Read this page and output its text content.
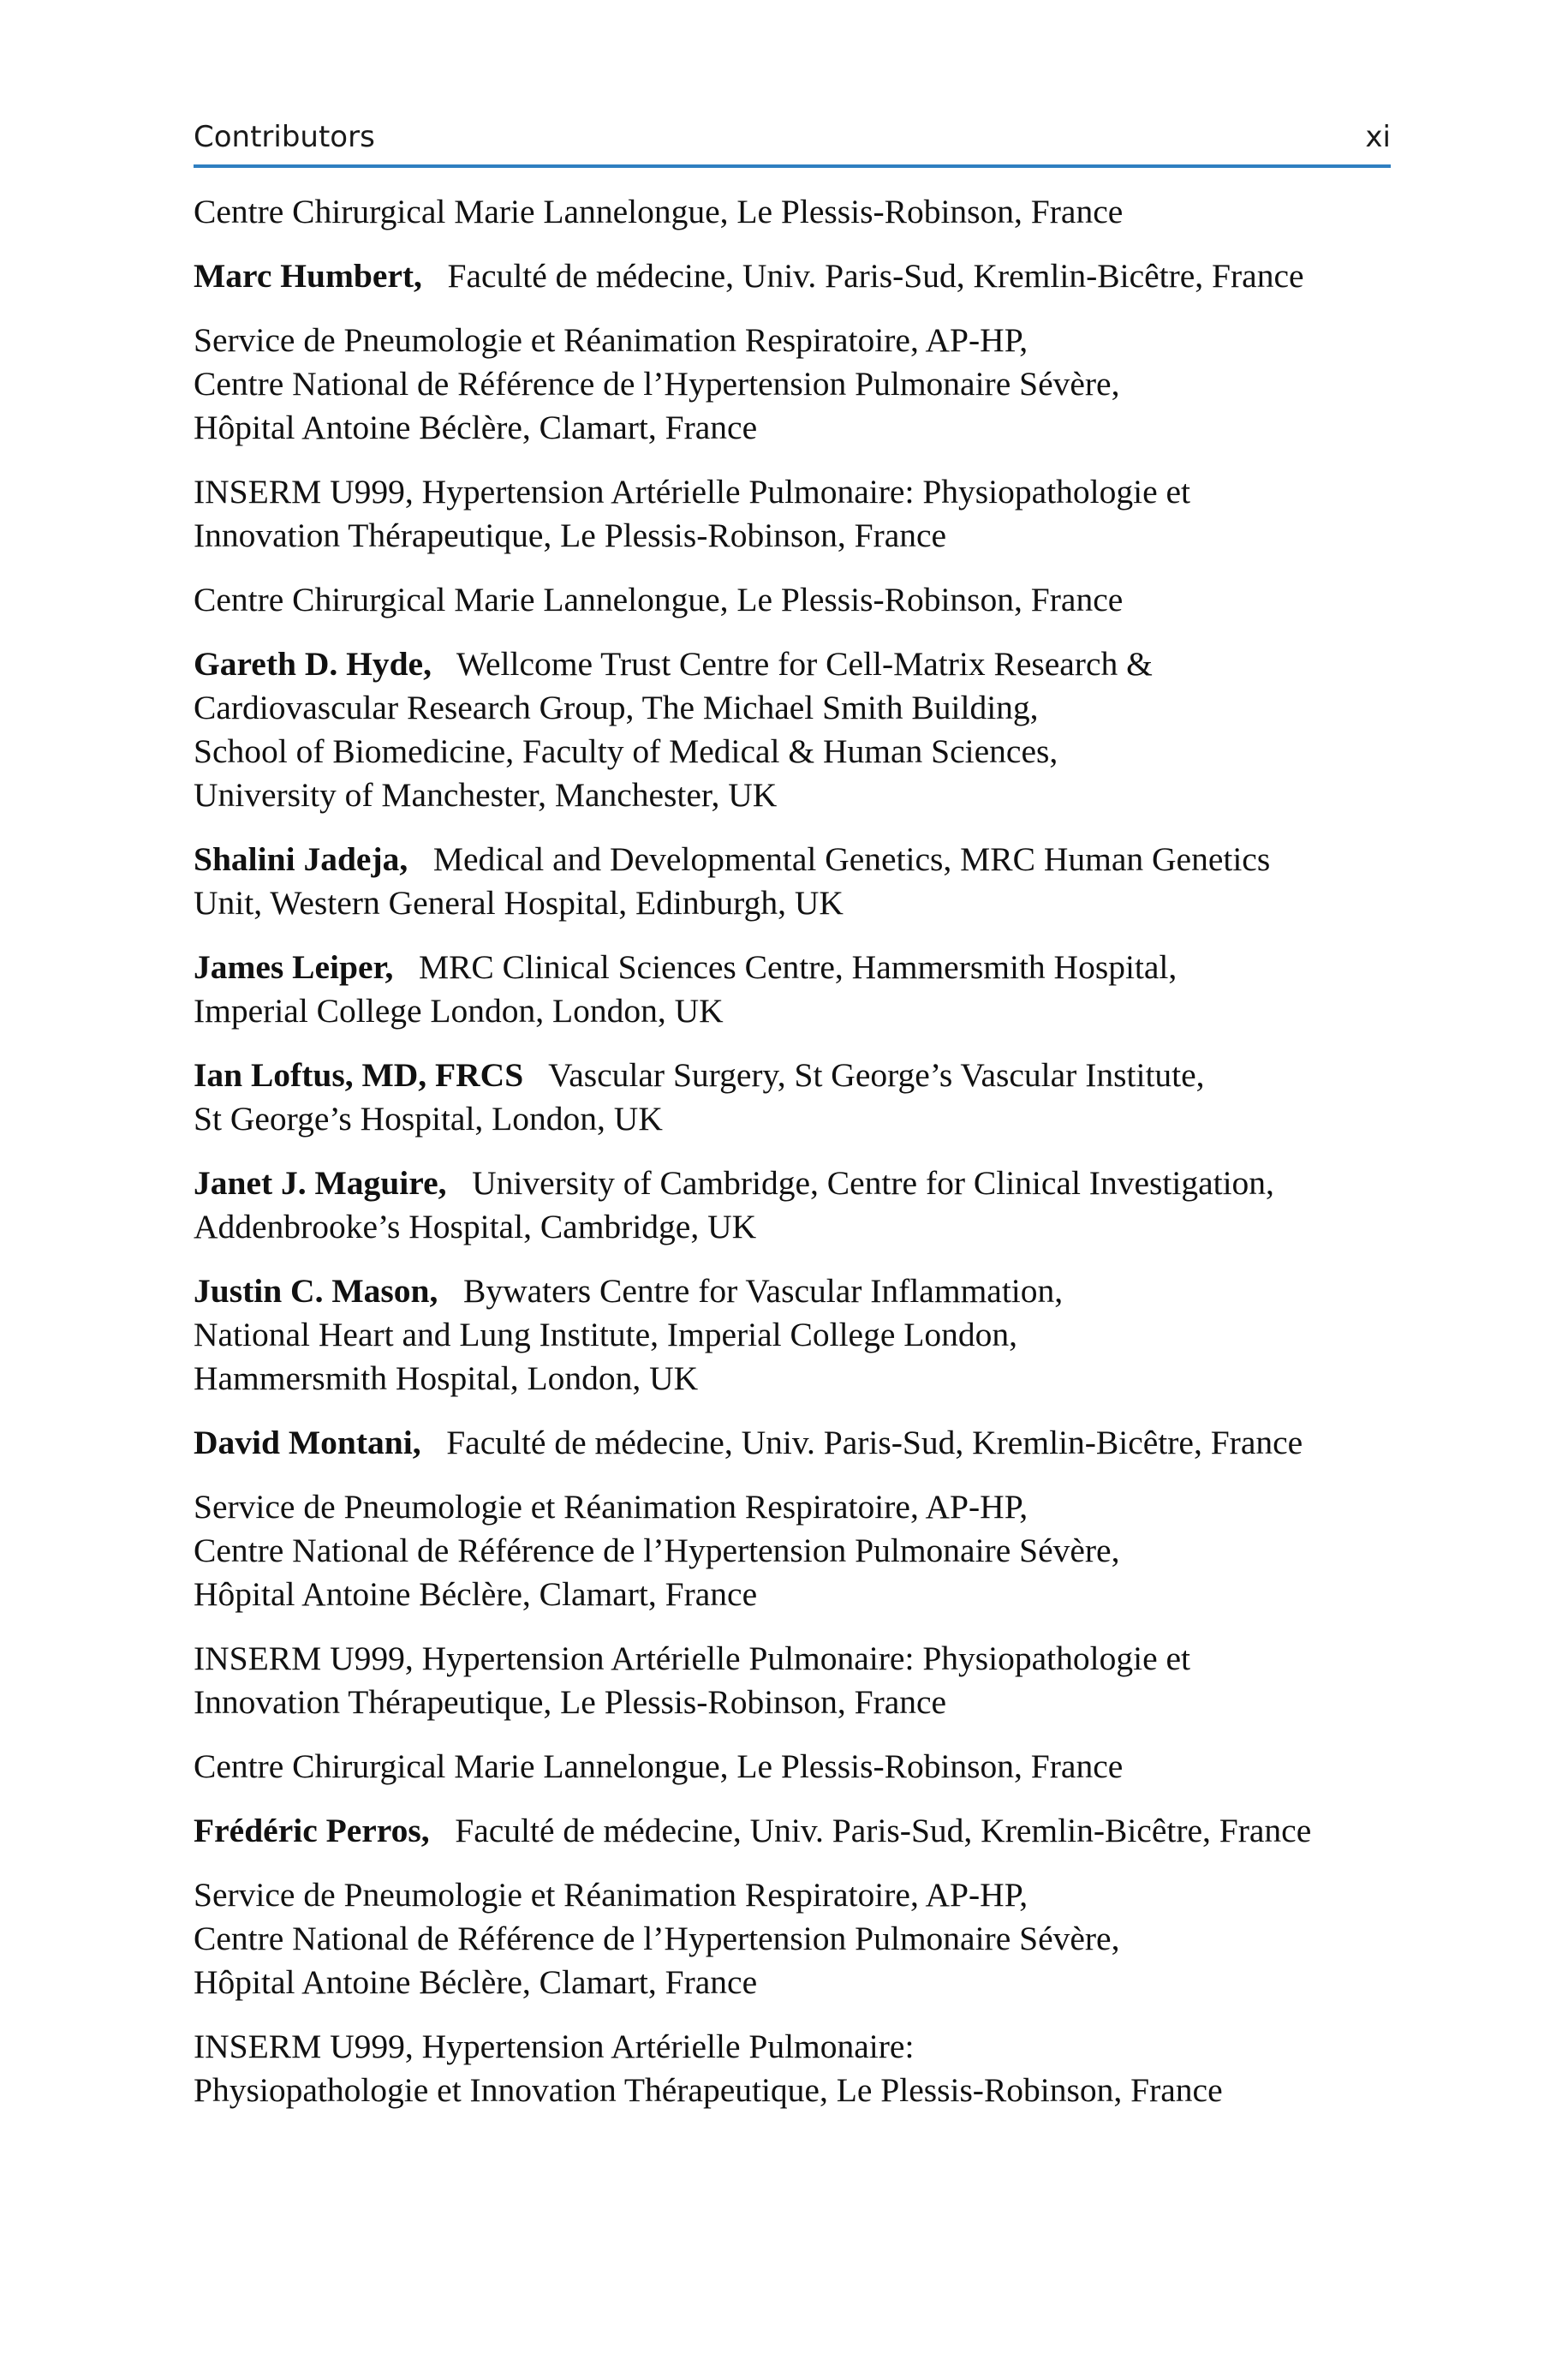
Contributors	xi
Centre Chirurgical Marie Lannelongue, Le Plessis-Robinson, France
Marc Humbert,  Faculté de médecine, Univ. Paris-Sud, Kremlin-Bicêtre, France
Service de Pneumologie et Réanimation Respiratoire, AP-HP,
Centre National de Référence de l’Hypertension Pulmonaire Sévère,
Hôpital Antoine Béclère, Clamart, France
INSERM U999, Hypertension Artérielle Pulmonaire: Physiopathologie et
Innovation Thérapeutique, Le Plessis-Robinson, France
Centre Chirurgical Marie Lannelongue, Le Plessis-Robinson, France
Gareth D. Hyde,  Wellcome Trust Centre for Cell-Matrix Research &
Cardiovascular Research Group, The Michael Smith Building,
School of Biomedicine, Faculty of Medical & Human Sciences,
University of Manchester, Manchester, UK
Shalini Jadeja,  Medical and Developmental Genetics, MRC Human Genetics
Unit, Western General Hospital, Edinburgh, UK
James Leiper,  MRC Clinical Sciences Centre, Hammersmith Hospital,
Imperial College London, London, UK
Ian Loftus, MD, FRCS  Vascular Surgery, St George’s Vascular Institute,
St George’s Hospital, London, UK
Janet J. Maguire,  University of Cambridge, Centre for Clinical Investigation,
Addenbrooke’s Hospital, Cambridge, UK
Justin C. Mason,  Bywaters Centre for Vascular Inflammation,
National Heart and Lung Institute, Imperial College London,
Hammersmith Hospital, London, UK
David Montani,  Faculté de médecine, Univ. Paris-Sud, Kremlin-Bicêtre, France
Service de Pneumologie et Réanimation Respiratoire, AP-HP,
Centre National de Référence de l’Hypertension Pulmonaire Sévère,
Hôpital Antoine Béclère, Clamart, France
INSERM U999, Hypertension Artérielle Pulmonaire: Physiopathologie et
Innovation Thérapeutique, Le Plessis-Robinson, France
Centre Chirurgical Marie Lannelongue, Le Plessis-Robinson, France
Frédéric Perros,  Faculté de médecine, Univ. Paris-Sud, Kremlin-Bicêtre, France
Service de Pneumologie et Réanimation Respiratoire, AP-HP,
Centre National de Référence de l’Hypertension Pulmonaire Sévère,
Hôpital Antoine Béclère, Clamart, France
INSERM U999, Hypertension Artérielle Pulmonaire:
Physiopathologie et Innovation Thérapeutique, Le Plessis-Robinson, France
